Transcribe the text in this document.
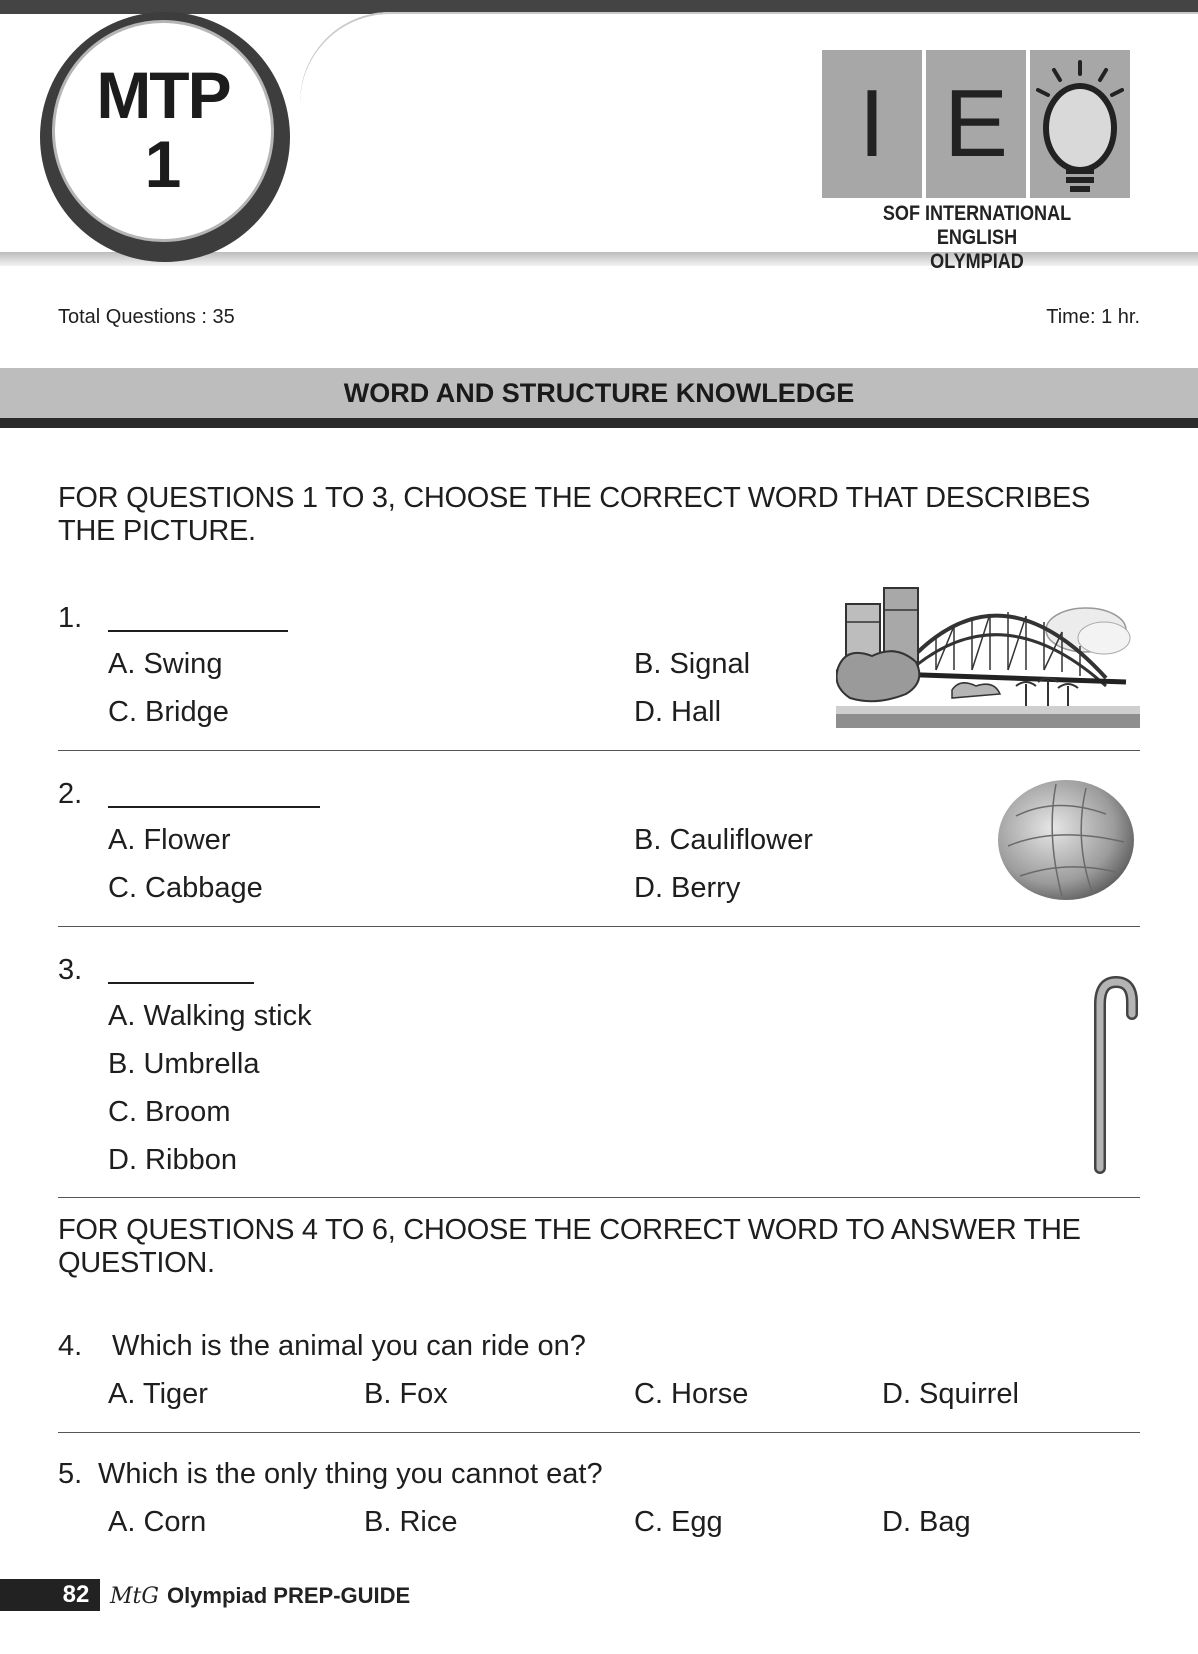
MTP
1	I E
SOF INTERNATIONAL ENGLISH
OLYMPIAD
Total Questions : 35	Time: 1 hr.
WORD AND STRUCTURE KNOWLEDGE
FOR QUESTIONS 1 TO 3, CHOOSE THE CORRECT WORD THAT DESCRIBES THE PICTURE.
1.
A. Swing	B. Signal
C. Bridge	D. Hall
2.
A. Flower	B. Cauliflower
C. Cabbage	D. Berry
3.
A. Walking stick
B. Umbrella
C. Broom
D. Ribbon
FOR QUESTIONS 4 TO 6, CHOOSE THE CORRECT WORD TO ANSWER THE QUESTION.
4. Which is the animal you can ride on?
A. Tiger	B. Fox	C. Horse	D. Squirrel
5. Which is the only thing you cannot eat?
A. Corn	B. Rice	C. Egg	D. Bag
82 MtG Olympiad PREP-GUIDE
